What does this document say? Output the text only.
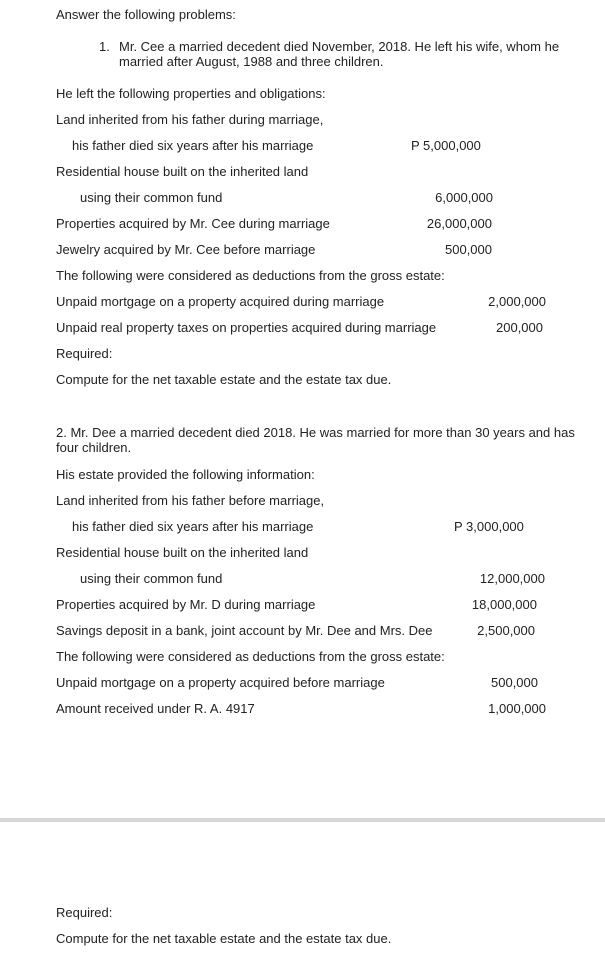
Answer the following problems:
1. Mr. Cee a married decedent died November, 2018. He left his wife, whom he married after August, 1988 and three children.
He left the following properties and obligations:
Land inherited from his father during marriage,
his father died six years after his marriage	P 5,000,000
Residential house built on the inherited land
using their common fund	6,000,000
Properties acquired by Mr. Cee during marriage	26,000,000
Jewelry acquired by Mr. Cee before marriage	500,000
The following were considered as deductions from the gross estate:
Unpaid mortgage on a property acquired during marriage	2,000,000
Unpaid real property taxes on properties acquired during marriage	200,000
Required:
Compute for the net taxable estate and the estate tax due.
2. Mr. Dee a married decedent died 2018. He was married for more than 30 years and has four children.
His estate provided the following information:
Land inherited from his father before marriage,
his father died six years after his marriage	P 3,000,000
Residential house built on the inherited land
using their common fund	12,000,000
Properties acquired by Mr. D during marriage	18,000,000
Savings deposit in a bank, joint account by Mr. Dee and Mrs. Dee	2,500,000
The following were considered as deductions from the gross estate:
Unpaid mortgage on a property acquired before marriage	500,000
Amount received under R. A. 4917	1,000,000
Required:
Compute for the net taxable estate and the estate tax due.
